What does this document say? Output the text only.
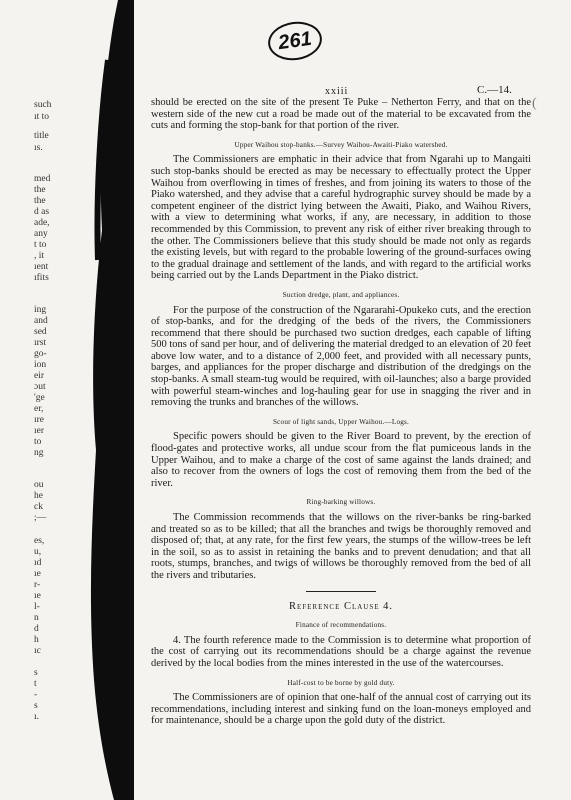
261
such
ıt to
title
ıs.
med
the
the
d as
ade,
any
t to
, it
ıent
ıfits
ing
and
sed
ırst
go-
ion
eir
ɔut
'ge
er,
ıre
ıer
to
ng
ou
he
ck
;—
es,
u,
ıd
ıe
r-
ıe
l-
n
d
h
ıc
s
t
-
s
ı.
xxiii	C.—14.
(

should be erected on the site of the present Te Puke – Netherton Ferry, and that on the western side of the new cut a road be made out of the material to be excavated from the cuts and forming the stop-bank for that portion of the river.

Upper Waihou stop-banks.—Survey Waihou-Awaiti-Piako watershed.

The Commissioners are emphatic in their advice that from Ngarahi up to Mangaiti such stop-banks should be erected as may be necessary to effectually protect the Upper Waihou from overflowing in times of freshes, and from joining its waters to those of the Piako watershed, and they advise that a careful hydrographic survey should be made by a competent engineer of the district lying between the Awaiti, Piako, and Waihou Rivers, with a view to determining what works, if any, are necessary, in addition to those recommended by this Commission, to prevent any risk of either river breaking through to the other. The Commissioners believe that this study should be made not only as regards the existing levels, but with regard to the probable lowering of the ground-surfaces owing to the gradual drainage and settlement of the lands, and with regard to the artificial works being carried out by the Lands Department in the Piako district.

Suction dredge, plant, and appliances.

For the purpose of the construction of the Ngararahi-Opukeko cuts, and the erection of stop-banks, and for the dredging of the beds of the rivers, the Commissioners recommend that there should be purchased two suction dredges, each capable of lifting 500 tons of sand per hour, and of delivering the material dredged to an elevation of 20 feet above low water, and to a distance of 2,000 feet, and provided with all necessary punts, barges, and appliances for the proper discharge and distribution of the dredgings on the stop-banks. A small steam-tug would be required, with oil-launches; also a barge provided with powerful steam-winches and log-hauling gear for use in snagging the river and in removing the trunks and branches of the willows.

Scour of light sands, Upper Waihou.—Logs.

Specific powers should be given to the River Board to prevent, by the erection of flood-gates and protective works, all undue scour from the flat pumiceous lands in the Upper Waihou, and to make a charge of the cost of same against the lands drained; and also to recover from the owners of logs the cost of removing them from the bed of the river.

Ring-barking willows.

The Commission recommends that the willows on the river-banks be ring-barked and treated so as to be killed; that all the branches and twigs be thoroughly removed and disposed of; that, at any rate, for the first few years, the stumps of the willow-trees be left in the soil, so as to assist in retaining the banks and to prevent denudation; and that all roots, stumps, branches, and twigs of willows be thoroughly removed from the bed of all the rivers and tributaries.

Reference Clause 4.
Finance of recommendations.

4. The fourth reference made to the Commission is to determine what proportion of the cost of carrying out its recommendations should be a charge against the revenue derived by the local bodies from the mines interested in the use of the watercourses.

Half-cost to be borne by gold duty.

The Commissioners are of opinion that one-half of the annual cost of carrying out its recommendations, including interest and sinking fund on the loan-moneys employed and for maintenance, should be a charge upon the gold duty of the district.
